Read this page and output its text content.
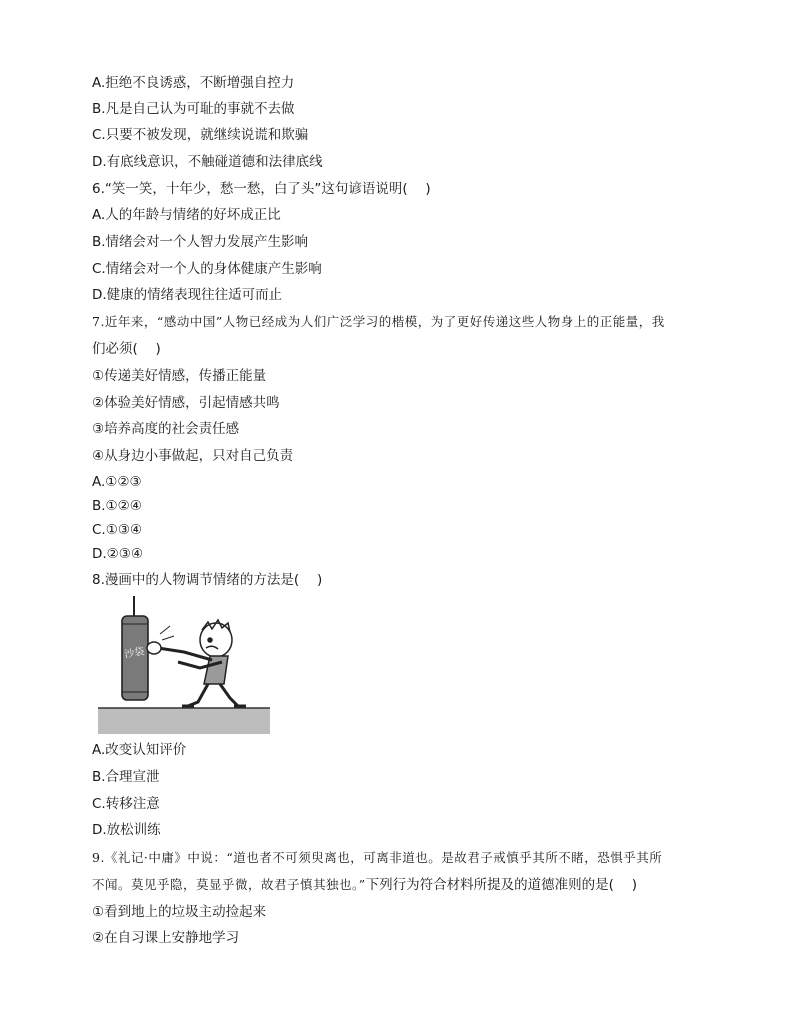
A.拒绝不良诱惑，不断增强自控力
B.凡是自己认为可耻的事就不去做
C.只要不被发现，就继续说谎和欺骗
D.有底线意识，不触碰道德和法律底线
6.“笑一笑，十年少，愁一愁，白了头”这句谚语说明(　 )
A.人的年龄与情绪的好坏成正比
B.情绪会对一个人智力发展产生影响
C.情绪会对一个人的身体健康产生影响
D.健康的情绪表现往往适可而止
7.近年来，“感动中国”人物已经成为人们广泛学习的楷模，为了更好传递这些人物身上的正能量，我
们必须(　 )
①传递美好情感，传播正能量
②体验美好情感，引起情感共鸣
③培养高度的社会责任感
④从身边小事做起，只对自己负责
A.①②③
B.①②④
C.①③④
D.②③④
8.漫画中的人物调节情绪的方法是(　 )
沙袋
A.改变认知评价
B.合理宣泄
C.转移注意
D.放松训练
9.《礼记·中庸》中说：“道也者不可须臾离也，可离非道也。是故君子戒慎乎其所不睹，恐惧乎其所
不闻。莫见乎隐，莫显乎微，故君子慎其独也。”下列行为符合材料所提及的道德准则的是(　 )
①看到地上的垃圾主动捡起来
②在自习课上安静地学习
